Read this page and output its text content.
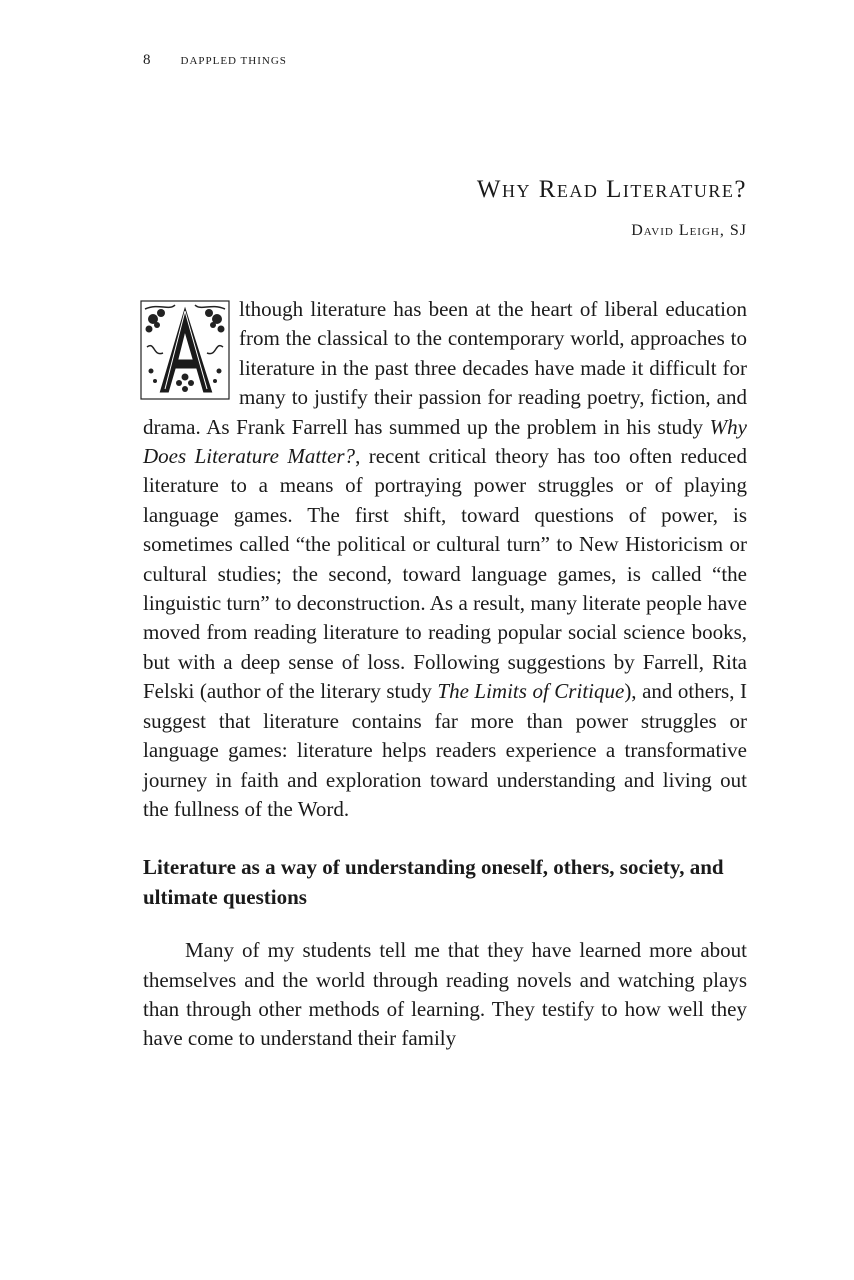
8	DAPPLED THINGS
Why Read Literature?
David Leigh, SJ

lthough literature has been at the heart of liberal education from the classical to the contemporary world, approaches to literature in the past three decades have made it difficult for many to justify their passion for reading poetry, fiction, and drama. As Frank Farrell has summed up the problem in his study Why Does Literature Matter?, recent critical theory has too often reduced literature to a means of portraying power struggles or of playing language games. The first shift, toward questions of power, is sometimes called “the political or cultural turn” to New Historicism or cultural studies; the second, toward language games, is called “the linguistic turn” to deconstruction. As a result, many literate people have moved from reading literature to reading popular social science books, but with a deep sense of loss. Following suggestions by Farrell, Rita Felski (author of the literary study The Limits of Critique), and others, I suggest that literature contains far more than power struggles or language games: literature helps readers experience a transformative journey in faith and exploration toward understanding and living out the fullness of the Word.

Literature as a way of understanding oneself, others, society, and ultimate questions

Many of my students tell me that they have learned more about themselves and the world through reading novels and watching plays than through other methods of learning. They testify to how well they have come to understand their family
